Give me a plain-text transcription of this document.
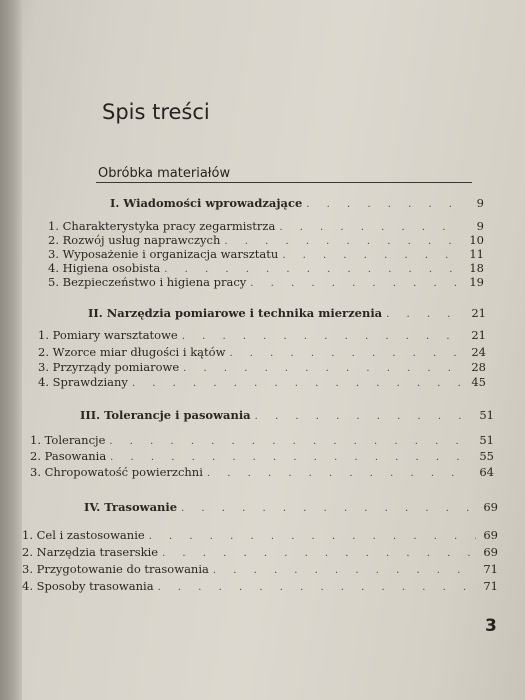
Spis treści
Obróbka materiałów
I. Wiadomości wprowadzające . . .	9
1. Charakterystyka pracy zegarmistrza . . .	9
2. Rozwój usług naprawczych . . .	10
3. Wyposażenie i organizacja warsztatu . . .	11
4. Higiena osobista . . .	18
5. Bezpieczeństwo i higiena pracy . . .	19
II. Narzędzia pomiarowe i technika mierzenia . . .	21
1. Pomiary warsztatowe . . .	21
2. Wzorce miar długości i kątów . . .	24
3. Przyrządy pomiarowe . . .	28
4. Sprawdziany . . .	45
III. Tolerancje i pasowania . . .	51
1. Tolerancje . . .	51
2. Pasowania . . .	55
3. Chropowatość powierzchni . . .	64
IV. Trasowanie . . .	69
1. Cel i zastosowanie . . .	69
2. Narzędzia traserskie . . .	69
3. Przygotowanie do trasowania . . .	71
4. Sposoby trasowania . . .	71
3
